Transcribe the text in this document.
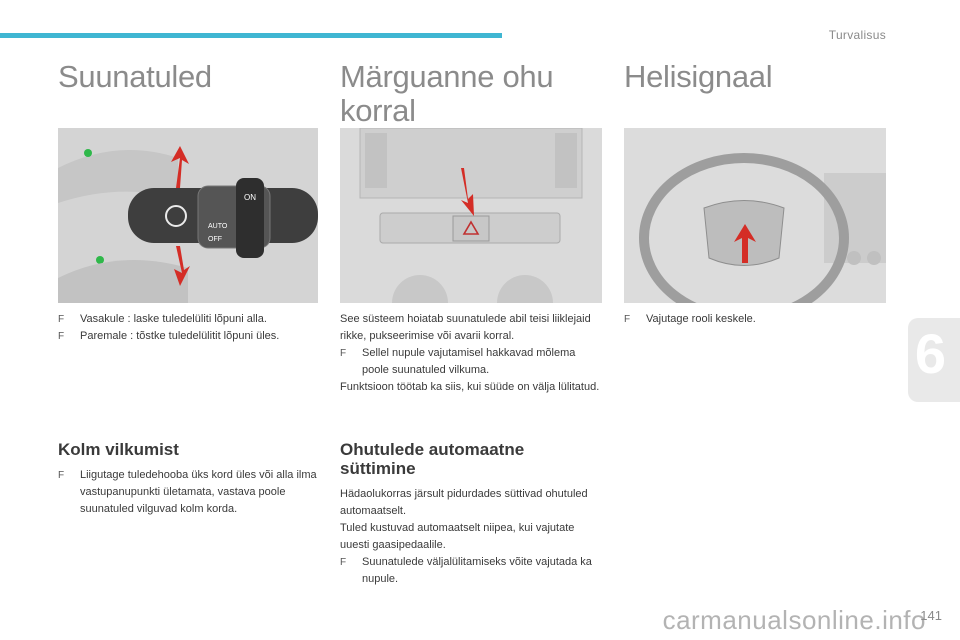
Turvalisus
6
carmanualsonline.info
141
Suunatuled
ON
AUTO
OFF

F Vasakule : laske tuledelüliti lõpuni alla.

F Paremale : tõstke tuledelülitit lõpuni üles.

Kolm vilkumist

F Liigutage tuledehooba üks kord üles või alla ilma vastupanupunkti ületamata, vastava poole suunatuled vilguvad kolm korda.

Märguanne ohu
korral

See süsteem hoiatab suunatulede abil teisi liiklejaid rikke, pukseerimise või avarii korral.

F Sellel nupule vajutamisel hakkavad mõlema poole suunatuled vilkuma.

Funktsioon töötab ka siis, kui süüde on välja lülitatud.

Ohutulede automaatne
süttimine

Hädaolukorras järsult pidurdades süttivad ohutuled automaatselt.

Tuled kustuvad automaatselt niipea, kui vajutate uuesti gaasipedaalile.

F Suunatulede väljalülitamiseks võite vajutada ka nupule.

Helisignaal

F Vajutage rooli keskele.
